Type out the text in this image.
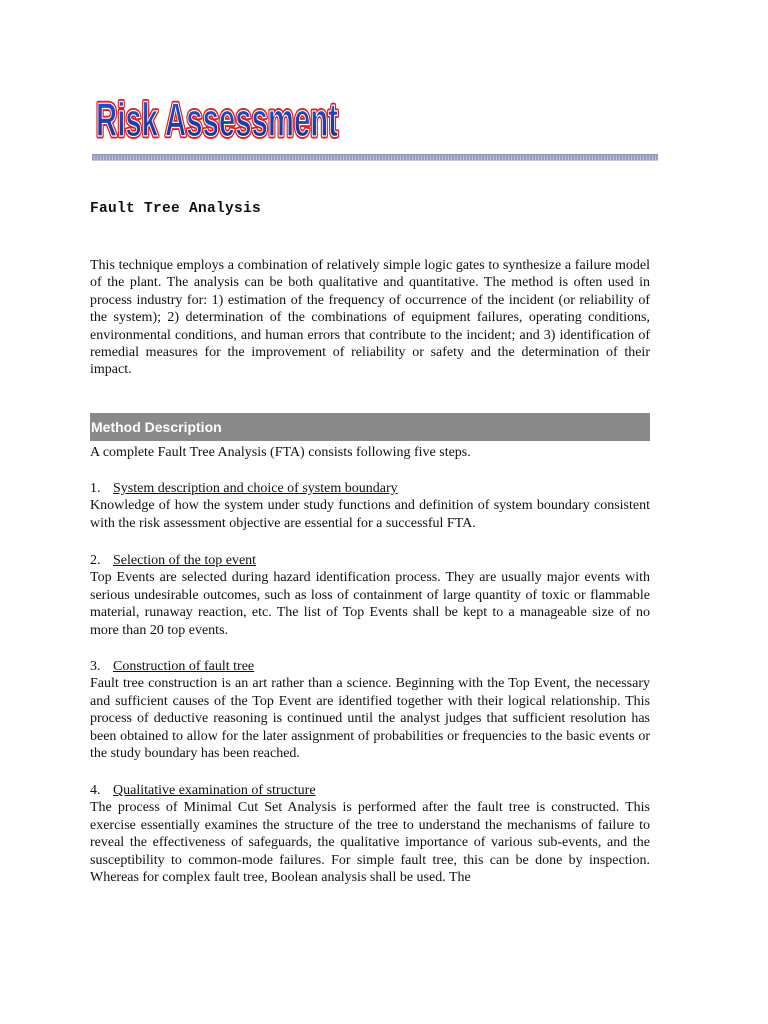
Risk Assessment
Risk Assessment
Fault Tree Analysis

This technique employs a combination of relatively simple logic gates to synthesize a failure model of the plant. The analysis can be both qualitative and quantitative. The method is often used in process industry for: 1) estimation of the frequency of occurrence of the incident (or reliability of the system); 2) determination of the combinations of equipment failures, operating conditions, environmental conditions, and human errors that contribute to the incident; and 3) identification of remedial measures for the improvement of reliability or safety and the determination of their impact.

Method Description

A complete Fault Tree Analysis (FTA) consists following five steps.

1. System description and choice of system boundary

Knowledge of how the system under study functions and definition of system boundary consistent with the risk assessment objective are essential for a successful FTA.

2. Selection of the top event

Top Events are selected during hazard identification process. They are usually major events with serious undesirable outcomes, such as loss of containment of large quantity of toxic or flammable material, runaway reaction, etc. The list of Top Events shall be kept to a manageable size of no more than 20 top events.

3. Construction of fault tree

Fault tree construction is an art rather than a science. Beginning with the Top Event, the necessary and sufficient causes of the Top Event are identified together with their logical relationship. This process of deductive reasoning is continued until the analyst judges that sufficient resolution has been obtained to allow for the later assignment of probabilities or frequencies to the basic events or the study boundary has been reached.

4. Qualitative examination of structure

The process of Minimal Cut Set Analysis is performed after the fault tree is constructed. This exercise essentially examines the structure of the tree to understand the mechanisms of failure to reveal the effectiveness of safeguards, the qualitative importance of various sub-events, and the susceptibility to common-mode failures. For simple fault tree, this can be done by inspection. Whereas for complex fault tree, Boolean analysis shall be used. The
